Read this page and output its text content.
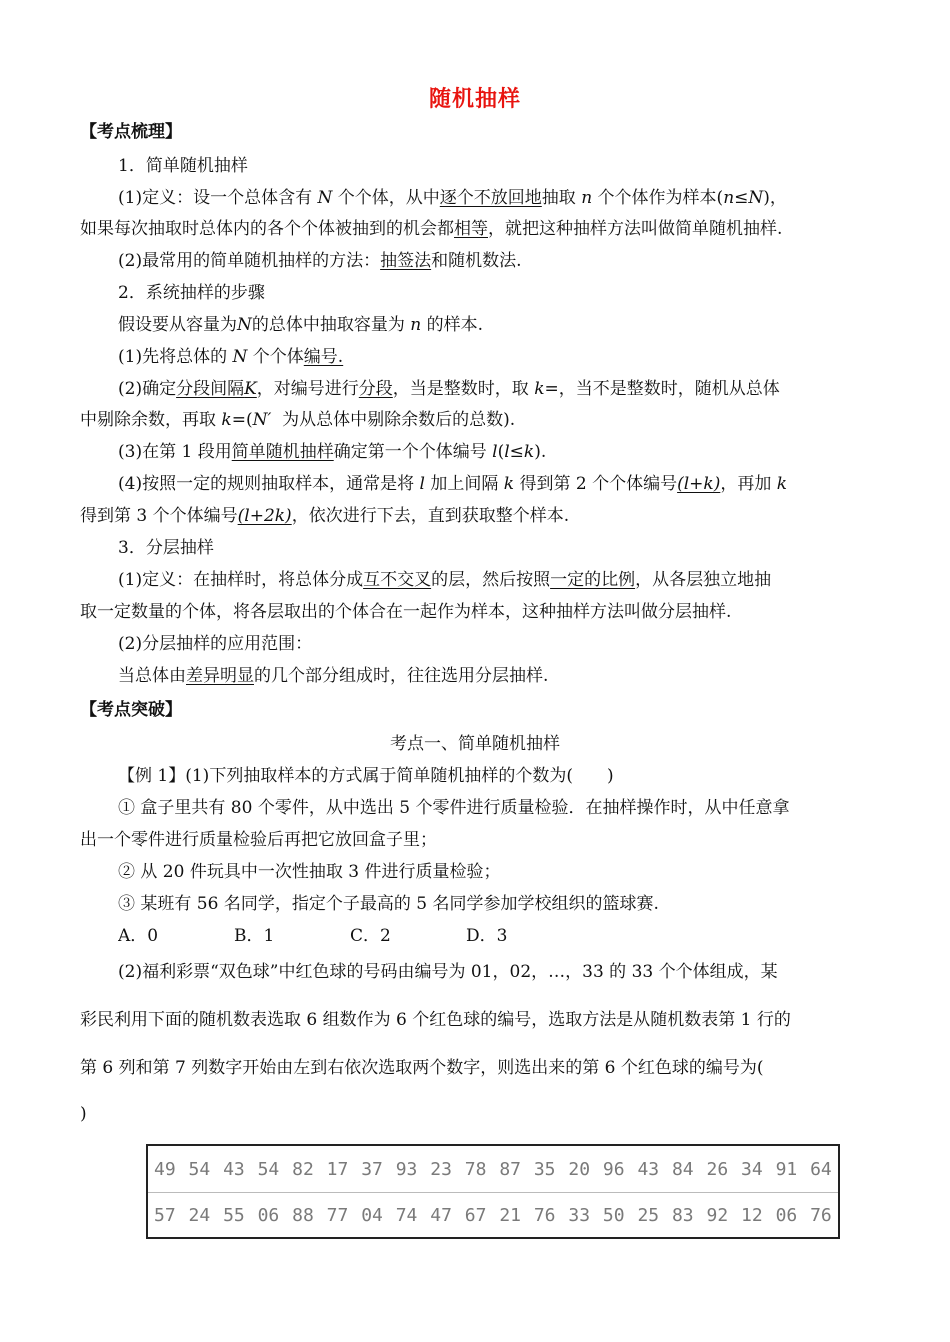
随机抽样
【考点梳理】
1．简单随机抽样
(1)定义：设一个总体含有 N 个个体，从中逐个不放回地抽取 n 个个体作为样本(n≤N)，
如果每次抽取时总体内的各个个体被抽到的机会都相等，就把这种抽样方法叫做简单随机抽样.
(2)最常用的简单随机抽样的方法：抽签法和随机数法.
2．系统抽样的步骤
假设要从容量为N的总体中抽取容量为 n 的样本.
(1)先将总体的 N 个个体编号.
(2)确定分段间隔K，对编号进行分段，当是整数时，取 k=，当不是整数时，随机从总体
中剔除余数，再取 k=(N′ 为从总体中剔除余数后的总数).
(3)在第 1 段用简单随机抽样确定第一个个体编号 l(l≤k).
(4)按照一定的规则抽取样本，通常是将 l 加上间隔 k 得到第 2 个个体编号(l+k)，再加 k
得到第 3 个个体编号(l+2k)，依次进行下去，直到获取整个样本.
3．分层抽样
(1)定义：在抽样时，将总体分成互不交叉的层，然后按照一定的比例，从各层独立地抽
取一定数量的个体，将各层取出的个体合在一起作为样本，这种抽样方法叫做分层抽样.
(2)分层抽样的应用范围：
当总体由差异明显的几个部分组成时，往往选用分层抽样.
【考点突破】
考点一、简单随机抽样
【例 1】(1)下列抽取样本的方式属于简单随机抽样的个数为(　　)
① 盒子里共有 80 个零件，从中选出 5 个零件进行质量检验．在抽样操作时，从中任意拿
出一个零件进行质量检验后再把它放回盒子里；
② 从 20 件玩具中一次性抽取 3 件进行质量检验；
③ 某班有 56 名同学，指定个子最高的 5 名同学参加学校组织的篮球赛.
A．0	B．1	C．2	D．3
(2)福利彩票“双色球”中红色球的号码由编号为 01，02，…，33 的 33 个个体组成，某
彩民利用下面的随机数表选取 6 组数作为 6 个红色球的编号，选取方法是从随机数表第 1 行的
第 6 列和第 7 列数字开始由左到右依次选取两个数字，则选出来的第 6 个红色球的编号为(
)
49 54 43 54 82 17 37 93 23 78 87 35 20 96 43 84 26 34 91 64
57 24 55 06 88 77 04 74 47 67 21 76 33 50 25 83 92 12 06 76
